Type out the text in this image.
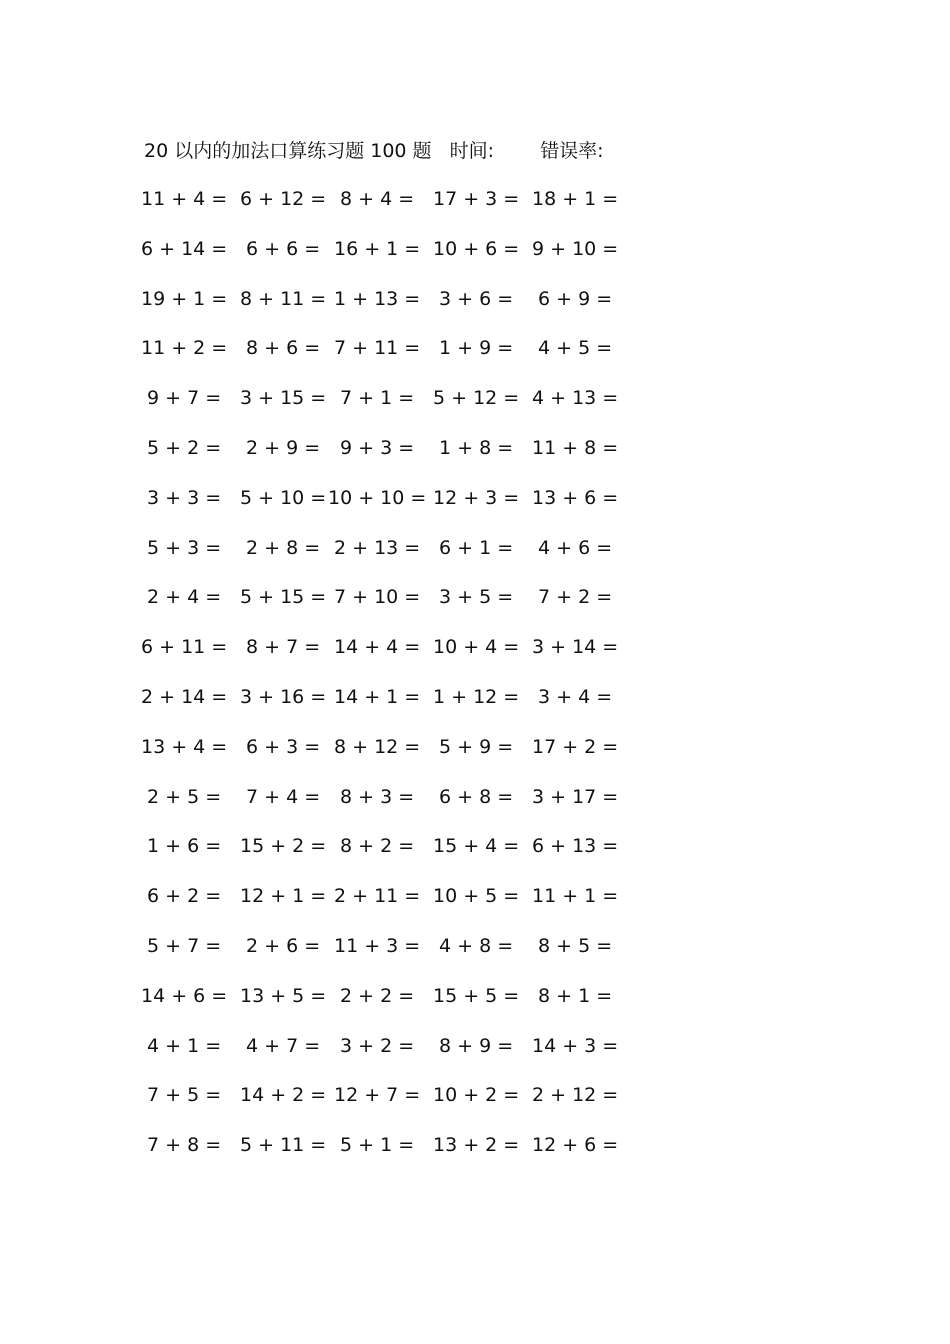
20 以内的加法口算练习题 100 题 时间: 错误率:
11 + 4 = 6 + 12 = 8 + 4 = 17 + 3 = 18 + 1 =
6 + 14 = 6 + 6 = 16 + 1 = 10 + 6 = 9 + 10 =
19 + 1 = 8 + 11 = 1 + 13 = 3 + 6 = 6 + 9 =
11 + 2 = 8 + 6 = 7 + 11 = 1 + 9 = 4 + 5 =
9 + 7 = 3 + 15 = 7 + 1 = 5 + 12 = 4 + 13 =
5 + 2 = 2 + 9 = 9 + 3 = 1 + 8 = 11 + 8 =
3 + 3 = 5 + 10 = 10 + 10 = 12 + 3 = 13 + 6 =
5 + 3 = 2 + 8 = 2 + 13 = 6 + 1 = 4 + 6 =
2 + 4 = 5 + 15 = 7 + 10 = 3 + 5 = 7 + 2 =
6 + 11 = 8 + 7 = 14 + 4 = 10 + 4 = 3 + 14 =
2 + 14 = 3 + 16 = 14 + 1 = 1 + 12 = 3 + 4 =
13 + 4 = 6 + 3 = 8 + 12 = 5 + 9 = 17 + 2 =
2 + 5 = 7 + 4 = 8 + 3 = 6 + 8 = 3 + 17 =
1 + 6 = 15 + 2 = 8 + 2 = 15 + 4 = 6 + 13 =
6 + 2 = 12 + 1 = 2 + 11 = 10 + 5 = 11 + 1 =
5 + 7 = 2 + 6 = 11 + 3 = 4 + 8 = 8 + 5 =
14 + 6 = 13 + 5 = 2 + 2 = 15 + 5 = 8 + 1 =
4 + 1 = 4 + 7 = 3 + 2 = 8 + 9 = 14 + 3 =
7 + 5 = 14 + 2 = 12 + 7 = 10 + 2 = 2 + 12 =
7 + 8 = 5 + 11 = 5 + 1 = 13 + 2 = 12 + 6 =
